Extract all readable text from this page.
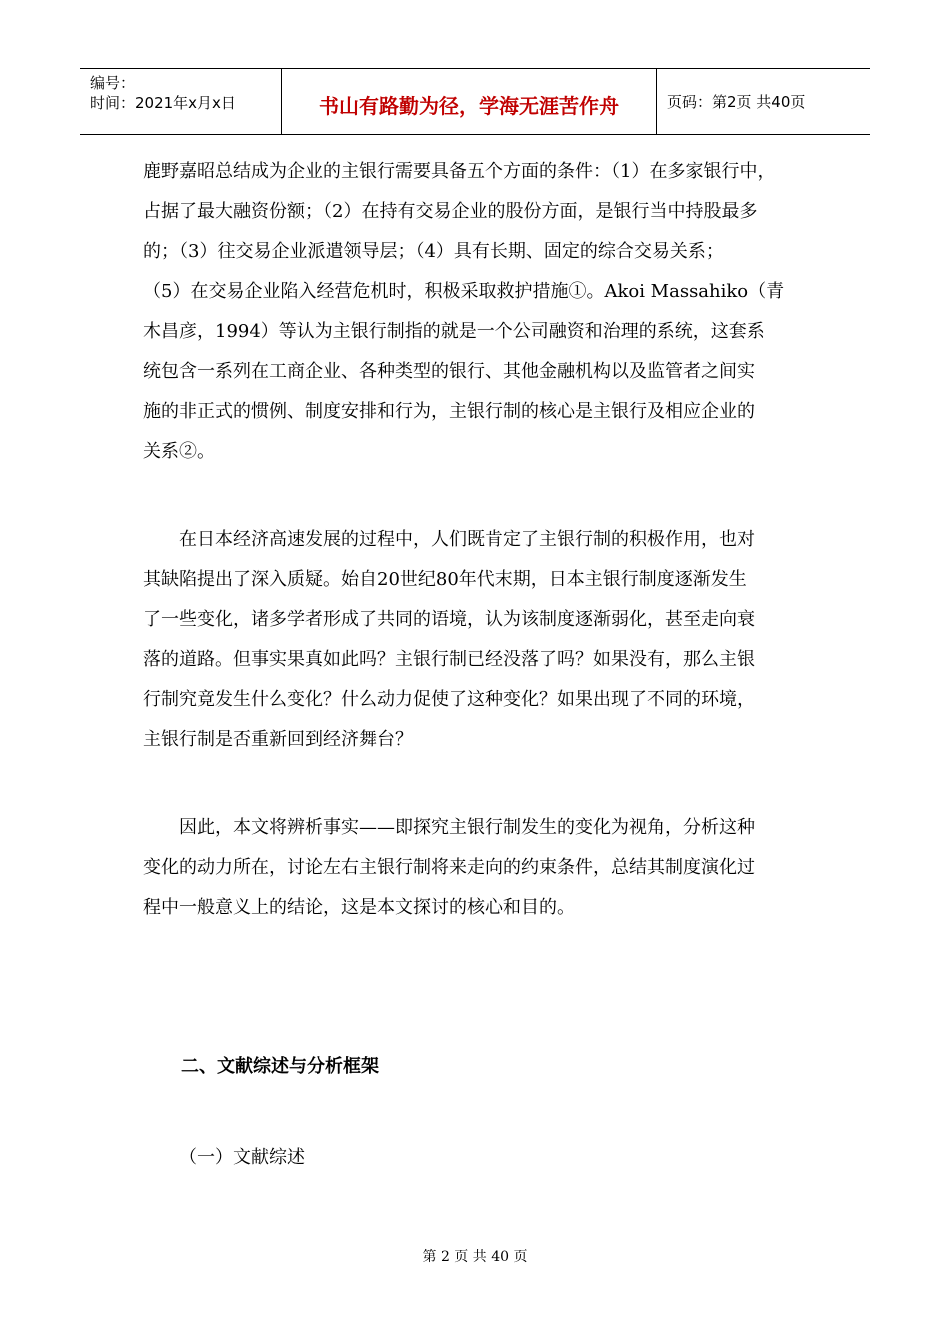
编号：
时间：2021年x月x日	书山有路勤为径，学海无涯苦作舟	页码：第2页 共40页

鹿野嘉昭总结成为企业的主银行需要具备五个方面的条件：（1）在多家银行中，

占据了最大融资份额；（2）在持有交易企业的股份方面，是银行当中持股最多

的；（3）往交易企业派遣领导层；（4）具有长期、固定的综合交易关系；

（5）在交易企业陷入经营危机时，积极采取救护措施①。Akoi Massahiko（青

木昌彦，1994）等认为主银行制指的就是一个公司融资和治理的系统，这套系

统包含一系列在工商企业、各种类型的银行、其他金融机构以及监管者之间实

施的非正式的惯例、制度安排和行为，主银行制的核心是主银行及相应企业的

关系②。

在日本经济高速发展的过程中，人们既肯定了主银行制的积极作用，也对

其缺陷提出了深入质疑。始自20世纪80年代末期，日本主银行制度逐渐发生

了一些变化，诸多学者形成了共同的语境，认为该制度逐渐弱化，甚至走向衰

落的道路。但事实果真如此吗？主银行制已经没落了吗？如果没有，那么主银

行制究竟发生什么变化？什么动力促使了这种变化？如果出现了不同的环境，

主银行制是否重新回到经济舞台？

因此，本文将辨析事实——即探究主银行制发生的变化为视角，分析这种

变化的动力所在，讨论左右主银行制将来走向的约束条件，总结其制度演化过

程中一般意义上的结论，这是本文探讨的核心和目的。

二、文献综述与分析框架
（一）文献综述
第 2 页 共 40 页
